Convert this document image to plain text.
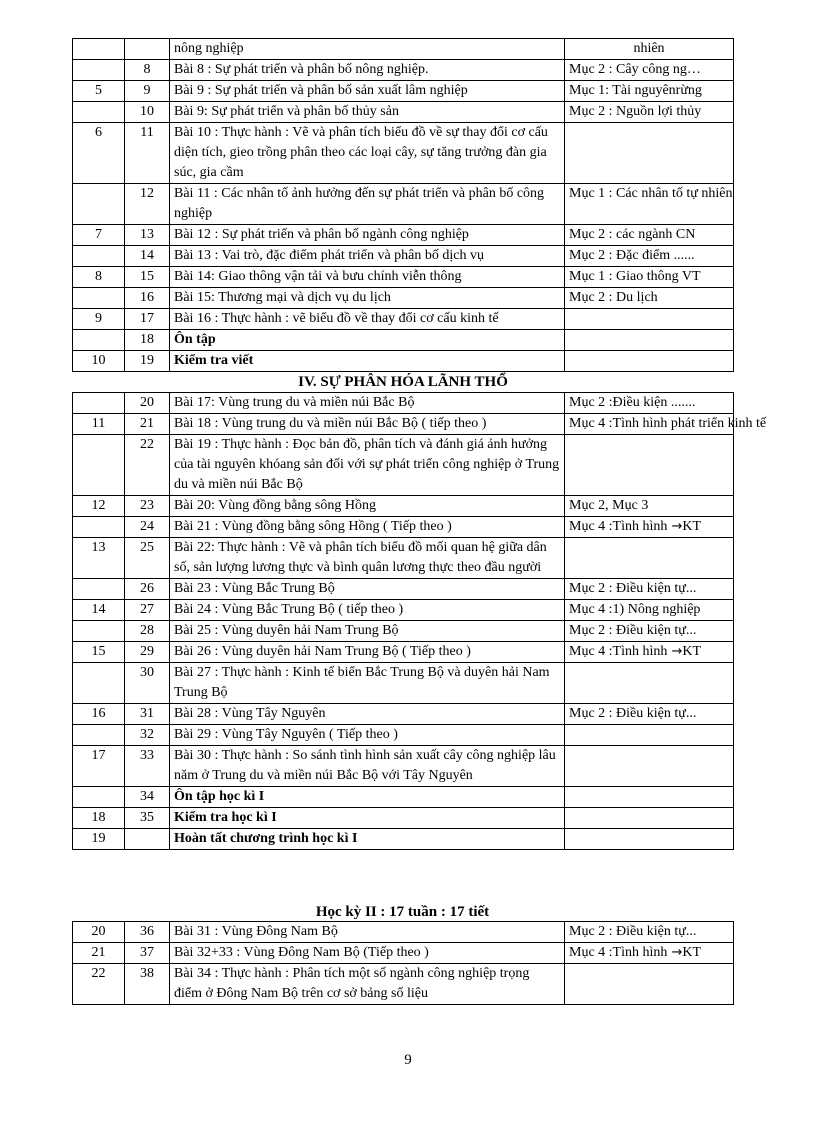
		nông nghiệp	nhiên
	8	Bài 8 : Sự phát triển và phân bố nông nghiệp.	Mục 2 : Cây công ng…
5	9	Bài 9 : Sự phát triển và phân bố sản xuất lâm nghiệp	Mục 1: Tài nguyênrừng
	10	Bài 9: Sự phát triển và phân bố thủy sản	Mục 2 : Nguồn lợi thủy
6	11	Bài 10 : Thực hành : Vẽ và phân tích biểu đồ về sự thay đổi cơ cấu diện tích, gieo trồng phân theo các loại cây, sự tăng trưởng đàn gia súc, gia cầm	
	12	Bài 11 : Các nhân tố ảnh hưởng đến sự phát triển và phân bố công nghiệp	Mục 1 : Các nhân tố tự nhiên
7	13	Bài 12 : Sự phát triển và phân bố ngành công nghiệp	Mục 2 : các ngành CN
	14	Bài 13 : Vai trò, đặc điểm phát triển và phân bố dịch vụ	Mục 2 : Đặc điểm ......
8	15	Bài 14: Giao thông vận tải và bưu chính viễn thông	Mục 1 : Giao thông VT
	16	Bài 15: Thương mại và dịch vụ du lịch	Mục 2 : Du lịch
9	17	Bài 16 : Thực hành : vẽ biểu đồ về thay đổi cơ cấu kinh tế	
	18	Ôn tập	
10	19	Kiểm tra viết	
IV. SỰ PHÂN HÓA LÃNH THỔ			
	20	Bài 17: Vùng trung du và miền núi Bắc Bộ	Mục 2 :Điều kiện .......
11	21	Bài 18 : Vùng trung du và miền núi Bắc Bộ ( tiếp theo )	Mục 4 :Tình hình phát triển kinh tế
	22	Bài 19 : Thực hành : Đọc bản đồ, phân tích và đánh giá ảnh hưởng của tài nguyên khóang sản đối với sự phát triển công nghiệp ở Trung du và miền núi Bắc Bộ	
12	23	Bài 20: Vùng đồng bằng sông Hồng	Mục 2, Mục 3
	24	Bài 21 : Vùng đồng bằng sông Hồng ( Tiếp theo )	Mục 4 :Tình hình →KT
13	25	Bài 22: Thực hành : Vẽ và phân tích biểu đồ mối quan hệ giữa dân số, sản lượng lương thực và bình quân lương thực theo đầu người	
	26	Bài 23 : Vùng Bắc Trung Bộ	Mục 2 : Điều kiện tự...
14	27	Bài 24 : Vùng Bắc Trung Bộ ( tiếp theo )	Mục 4 :1) Nông nghiệp
	28	Bài 25 : Vùng duyên hải Nam Trung Bộ	Mục 2 : Điều kiện tự...
15	29	Bài 26 : Vùng duyên hải Nam Trung Bộ ( Tiếp theo )	Mục 4 :Tình hình →KT
	30	Bài 27 : Thực hành : Kinh tế biển Bắc Trung Bộ và duyên hải Nam Trung Bộ	
16	31	Bài 28 : Vùng Tây Nguyên	Mục 2 : Điều kiện tự...
	32	Bài 29 : Vùng Tây Nguyên ( Tiếp theo )	
17	33	Bài 30 : Thực hành : So sánh tình hình sản xuất cây công nghiệp lâu năm ở Trung du và miền núi Bắc Bộ với Tây Nguyên	
	34	Ôn tập học kì I	
18	35	Kiểm tra học kì I	
19		Hoàn tất chương trình học kì I	
Học kỳ II : 17 tuần : 17 tiết
20	36	Bài 31 : Vùng Đông Nam Bộ	Mục 2 : Điều kiện tự...
21	37	Bài 32+33 : Vùng Đông Nam Bộ (Tiếp theo )	Mục 4 :Tình hình →KT
22	38	Bài 34 : Thực hành : Phân tích một số ngành công nghiệp trọng điểm ở Đông Nam Bộ trên cơ sở bảng số liệu	
9
